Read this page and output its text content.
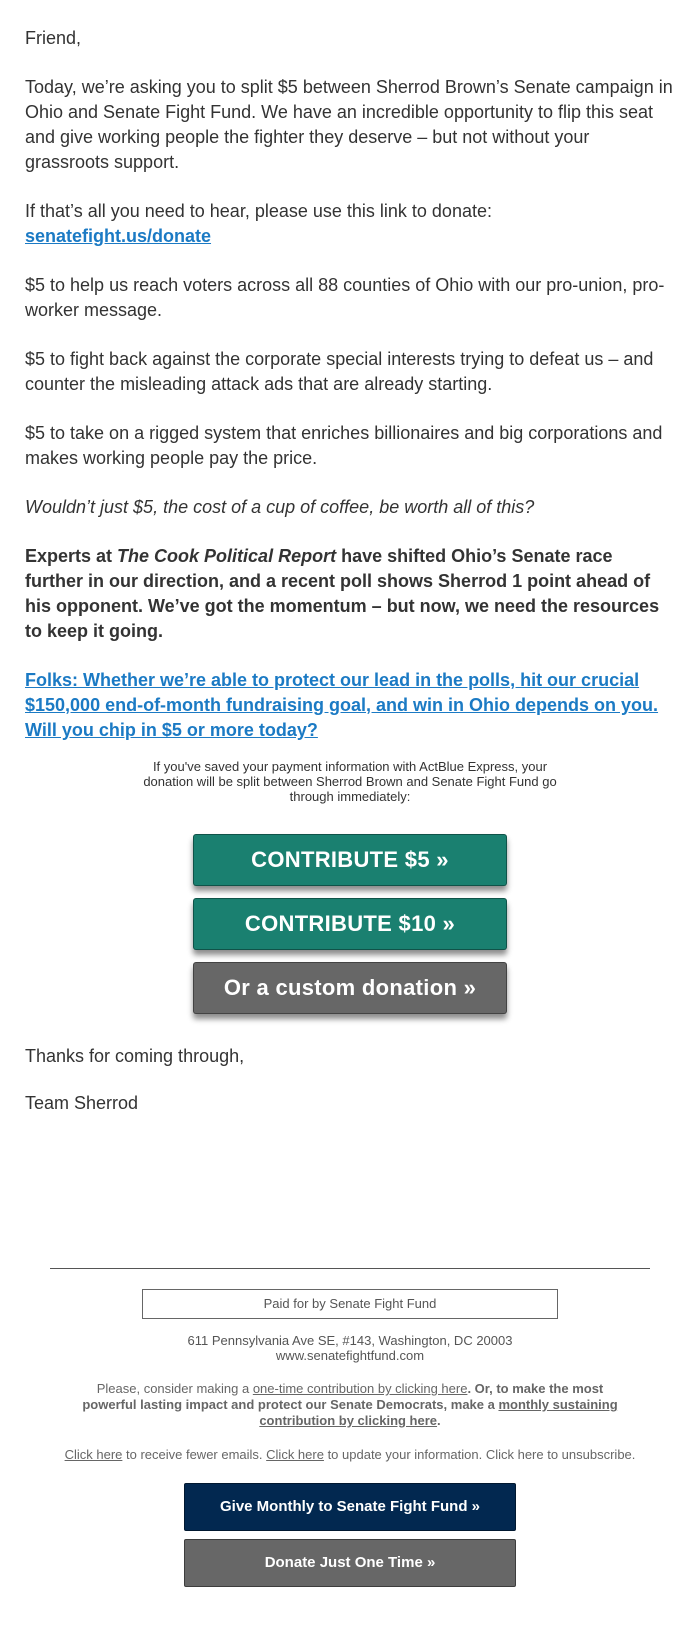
Friend,

Today, we’re asking you to split $5 between Sherrod Brown’s Senate campaign in Ohio and Senate Fight Fund. We have an incredible opportunity to flip this seat and give working people the fighter they deserve – but not without your grassroots support.

If that’s all you need to hear, please use this link to donate: senatefight.us/donate

$5 to help us reach voters across all 88 counties of Ohio with our pro-union, pro-worker message.

$5 to fight back against the corporate special interests trying to defeat us – and counter the misleading attack ads that are already starting.

$5 to take on a rigged system that enriches billionaires and big corporations and makes working people pay the price.

Wouldn’t just $5, the cost of a cup of coffee, be worth all of this?

Experts at The Cook Political Report have shifted Ohio’s Senate race further in our direction, and a recent poll shows Sherrod 1 point ahead of his opponent. We’ve got the momentum – but now, we need the resources to keep it going.

Folks: Whether we’re able to protect our lead in the polls, hit our crucial $150,000 end-of-month fundraising goal, and win in Ohio depends on you. Will you chip in $5 or more today?
If you've saved your payment information with ActBlue Express, your donation will be split between Sherrod Brown and Senate Fight Fund go through immediately:
CONTRIBUTE $5 »
CONTRIBUTE $10 »
Or a custom donation »

Thanks for coming through,

Team Sherrod

Paid for by Senate Fight Fund
611 Pennsylvania Ave SE, #143, Washington, DC 20003
www.senatefightfund.com
Please, consider making a one-time contribution by clicking here. Or, to make the most powerful lasting impact and protect our Senate Democrats, make a monthly sustaining contribution by clicking here.
Click here to receive fewer emails. Click here to update your information. Click here to unsubscribe.
Give Monthly to Senate Fight Fund »
Donate Just One Time »
